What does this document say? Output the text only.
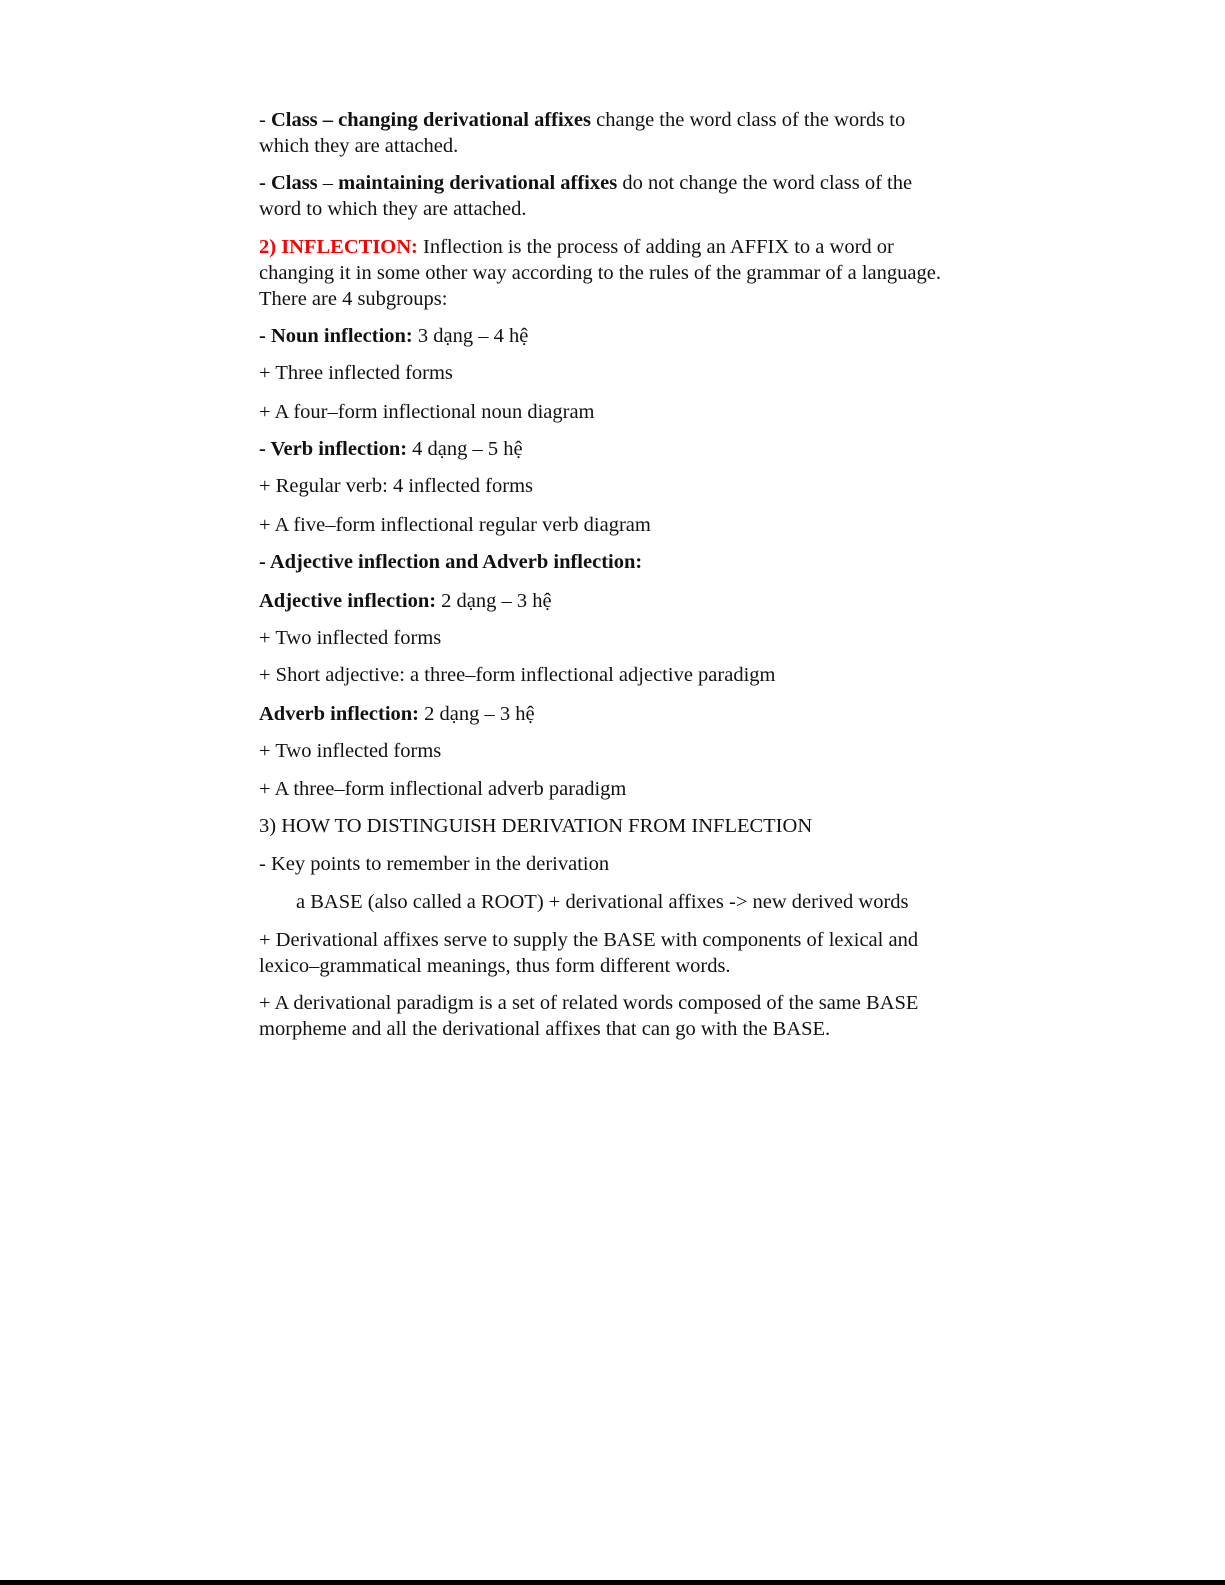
- Class – changing derivational affixes change the word class of the words to

which they are attached.

- Class – maintaining derivational affixes do not change the word class of the

word to which they are attached.

2) INFLECTION: Inflection is the process of adding an AFFIX to a word or

changing it in some other way according to the rules of the grammar of a language.

There are 4 subgroups:

- Noun inflection: 3 dạng – 4 hệ

+ Three inflected forms

+ A four–form inflectional noun diagram

- Verb inflection: 4 dạng – 5 hệ

+ Regular verb: 4 inflected forms

+ A five–form inflectional regular verb diagram

- Adjective inflection and Adverb inflection:

Adjective inflection: 2 dạng – 3 hệ

+ Two inflected forms

+ Short adjective: a three–form inflectional adjective paradigm

Adverb inflection: 2 dạng – 3 hệ

+ Two inflected forms

+ A three–form inflectional adverb paradigm

3) HOW TO DISTINGUISH DERIVATION FROM INFLECTION

- Key points to remember in the derivation

a BASE (also called a ROOT) + derivational affixes -> new derived words

+ Derivational affixes serve to supply the BASE with components of lexical and

lexico–grammatical meanings, thus form different words.

+ A derivational paradigm is a set of related words composed of the same BASE

morpheme and all the derivational affixes that can go with the BASE.
